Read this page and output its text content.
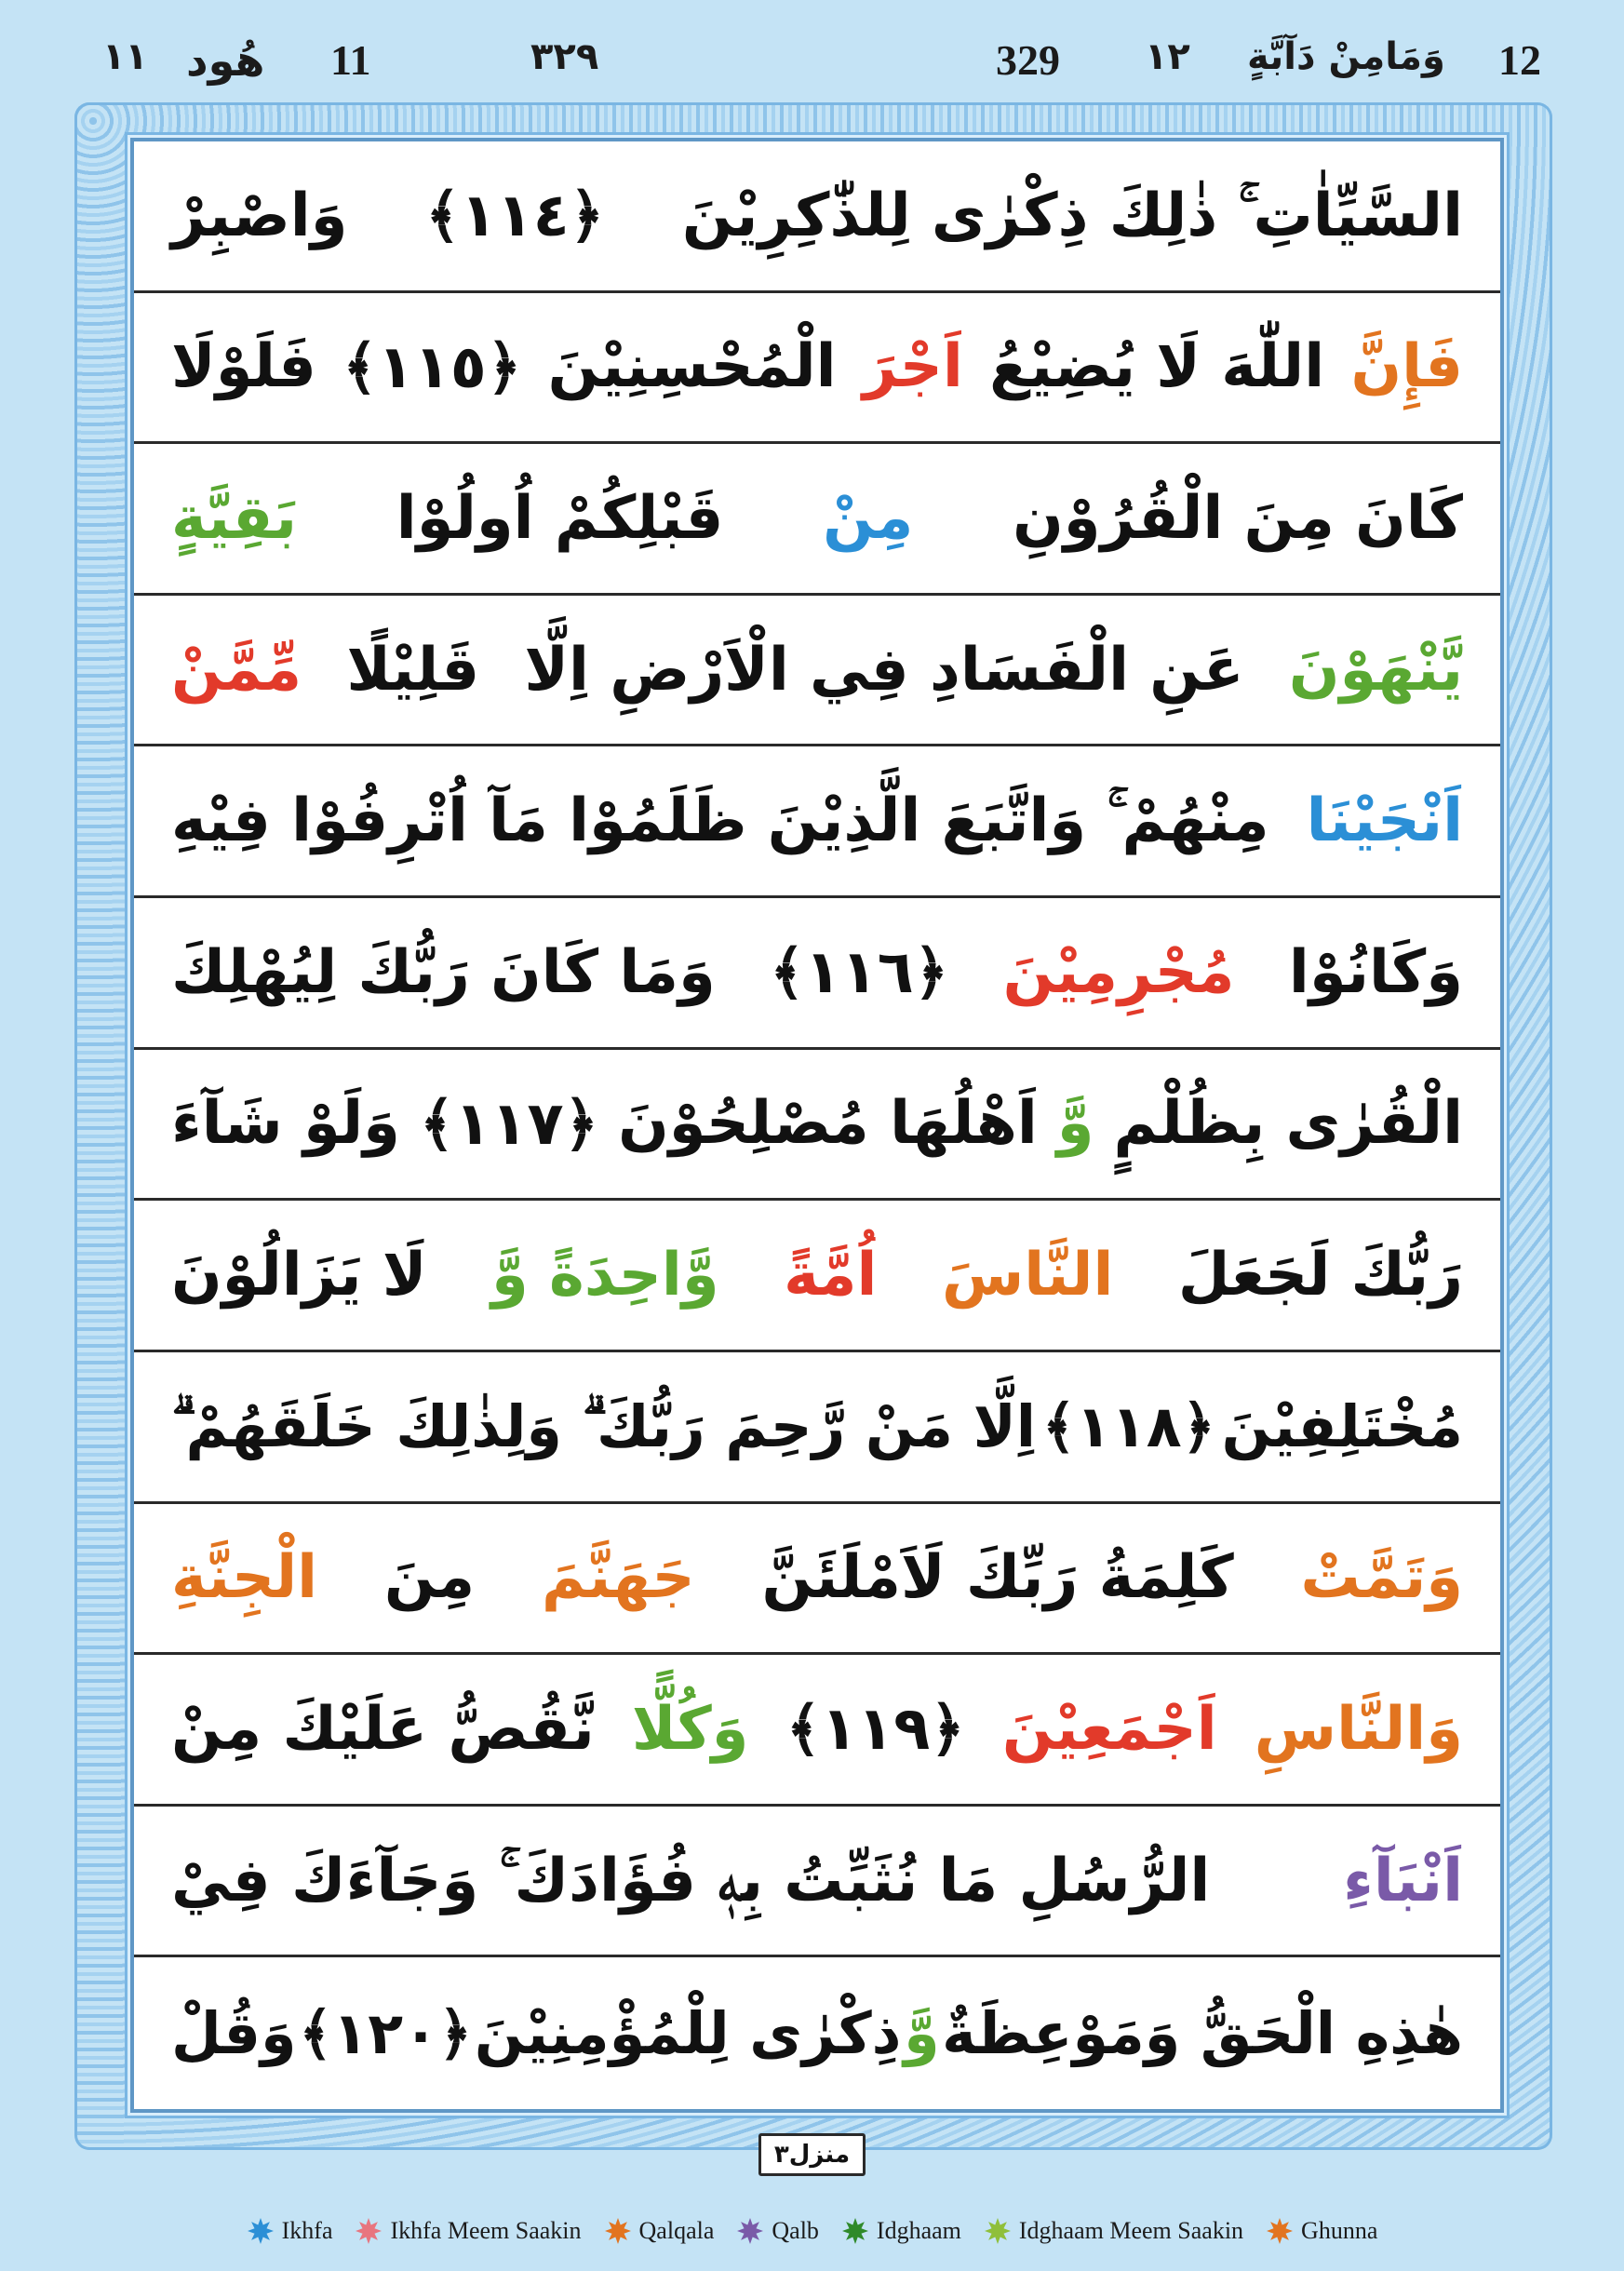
١١ هُود 11	٣٢٩	329 ١٢ وَمَامِنْ دَآبَّةٍ 12
السَّيِّاٰتِ ۚ ذٰلِكَ ذِكْرٰی لِلذّٰكِرِيْنَ
﴿١١٤﴾
وَاصْبِرْ
فَإِنَّ
اللّٰهَ لَا يُضِيْعُ
اَجْرَ
الْمُحْسِنِيْنَ
﴿١١٥﴾
فَلَوْلَا
كَانَ مِنَ الْقُرُوْنِ
مِنْ
قَبْلِكُمْ اُولُوْا
بَقِيَّةٍ
يَّنْهَوْنَ
عَنِ الْفَسَادِ فِي الْاَرْضِ اِلَّا
قَلِيْلًا
مِّمَّنْ
اَنْجَيْنَا
مِنْهُمْ ۚ وَاتَّبَعَ الَّذِيْنَ ظَلَمُوْا مَآ اُتْرِفُوْا فِيْهِ
وَكَانُوْا
مُجْرِمِيْنَ
﴿١١٦﴾
وَمَا كَانَ رَبُّكَ لِيُهْلِكَ
الْقُرٰی بِظُلْمٍ
وَّ
اَهْلُهَا مُصْلِحُوْنَ
﴿١١٧﴾
وَلَوْ شَآءَ
رَبُّكَ لَجَعَلَ
النَّاسَ
اُمَّةً
وَّاحِدَةً وَّ
لَا يَزَالُوْنَ
مُخْتَلِفِيْنَ
﴿١١٨﴾
اِلَّا مَنْ رَّحِمَ رَبُّكَ ۗ وَلِذٰلِكَ خَلَقَهُمْ ۗ
وَتَمَّتْ
كَلِمَةُ رَبِّكَ لَاَمْلَئَنَّ
جَهَنَّمَ
مِنَ
الْجِنَّةِ
وَالنَّاسِ
اَجْمَعِيْنَ
﴿١١٩﴾
وَكُلًّا
نَّقُصُّ عَلَيْكَ مِنْ
اَنْبَآءِ
الرُّسُلِ مَا نُثَبِّتُ بِهٖ فُؤَادَكَ ۚ وَجَآءَكَ فِيْ
هٰذِهِ الْحَقُّ وَمَوْعِظَةٌ
وَّ
ذِكْرٰی لِلْمُؤْمِنِيْنَ
﴿١٢٠﴾
وَقُلْ
منزل٣
Ikhfa Ikhfa Meem Saakin Qalqala Qalb Idghaam Idghaam Meem Saakin Ghunna
